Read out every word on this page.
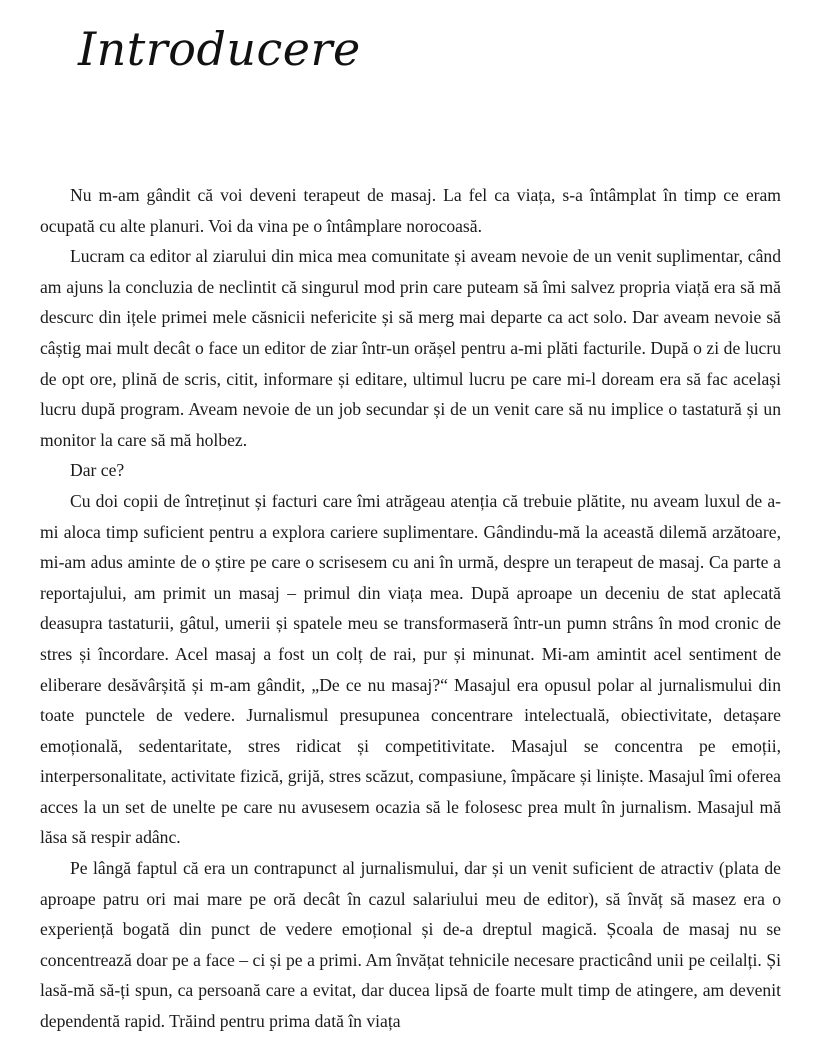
Introducere

Nu m-am gândit că voi deveni terapeut de masaj. La fel ca viața, s-a întâmplat în timp ce eram ocupată cu alte planuri. Voi da vina pe o întâmplare norocoasă.

Lucram ca editor al ziarului din mica mea comunitate și aveam nevoie de un venit suplimentar, când am ajuns la concluzia de neclintit că singurul mod prin care puteam să îmi salvez propria viață era să mă descurc din ițele primei mele căsnicii nefericite și să merg mai departe ca act solo. Dar aveam nevoie să câștig mai mult decât o face un editor de ziar într-un orășel pentru a-mi plăti facturile. După o zi de lucru de opt ore, plină de scris, citit, informare și editare, ultimul lucru pe care mi-l doream era să fac același lucru după program. Aveam nevoie de un job secundar și de un venit care să nu implice o tastatură și un monitor la care să mă holbez.

Dar ce?

Cu doi copii de întreținut și facturi care îmi atrăgeau atenția că trebuie plătite, nu aveam luxul de a-mi aloca timp suficient pentru a explora cariere suplimentare. Gândindu-mă la această dilemă arzătoare, mi-am adus aminte de o știre pe care o scrisesem cu ani în urmă, despre un terapeut de masaj. Ca parte a reportajului, am primit un masaj – primul din viața mea. După aproape un deceniu de stat aplecată deasupra tastaturii, gâtul, umerii și spatele meu se transformaseră într-un pumn strâns în mod cronic de stres și încordare. Acel masaj a fost un colț de rai, pur și minunat. Mi-am amintit acel sentiment de eliberare desăvârșită și m-am gândit, „De ce nu masaj?“ Masajul era opusul polar al jurnalismului din toate punctele de vedere. Jurnalismul presupunea concentrare intelectuală, obiectivitate, detașare emoțională, sedentaritate, stres ridicat și competitivitate. Masajul se concentra pe emoții, interpersonalitate, activitate fizică, grijă, stres scăzut, compasiune, împăcare și liniște. Masajul îmi oferea acces la un set de unelte pe care nu avusesem ocazia să le folosesc prea mult în jurnalism. Masajul mă lăsa să respir adânc.

Pe lângă faptul că era un contrapunct al jurnalismului, dar și un venit suficient de atractiv (plata de aproape patru ori mai mare pe oră decât în cazul salariului meu de editor), să învăț să masez era o experiență bogată din punct de vedere emoțional și de-a dreptul magică. Școala de masaj nu se concentrează doar pe a face – ci și pe a primi. Am învățat tehnicile necesare practicând unii pe ceilalți. Și lasă-mă să-ți spun, ca persoană care a evitat, dar ducea lipsă de foarte mult timp de atingere, am devenit dependentă rapid. Trăind pentru prima dată în viața
